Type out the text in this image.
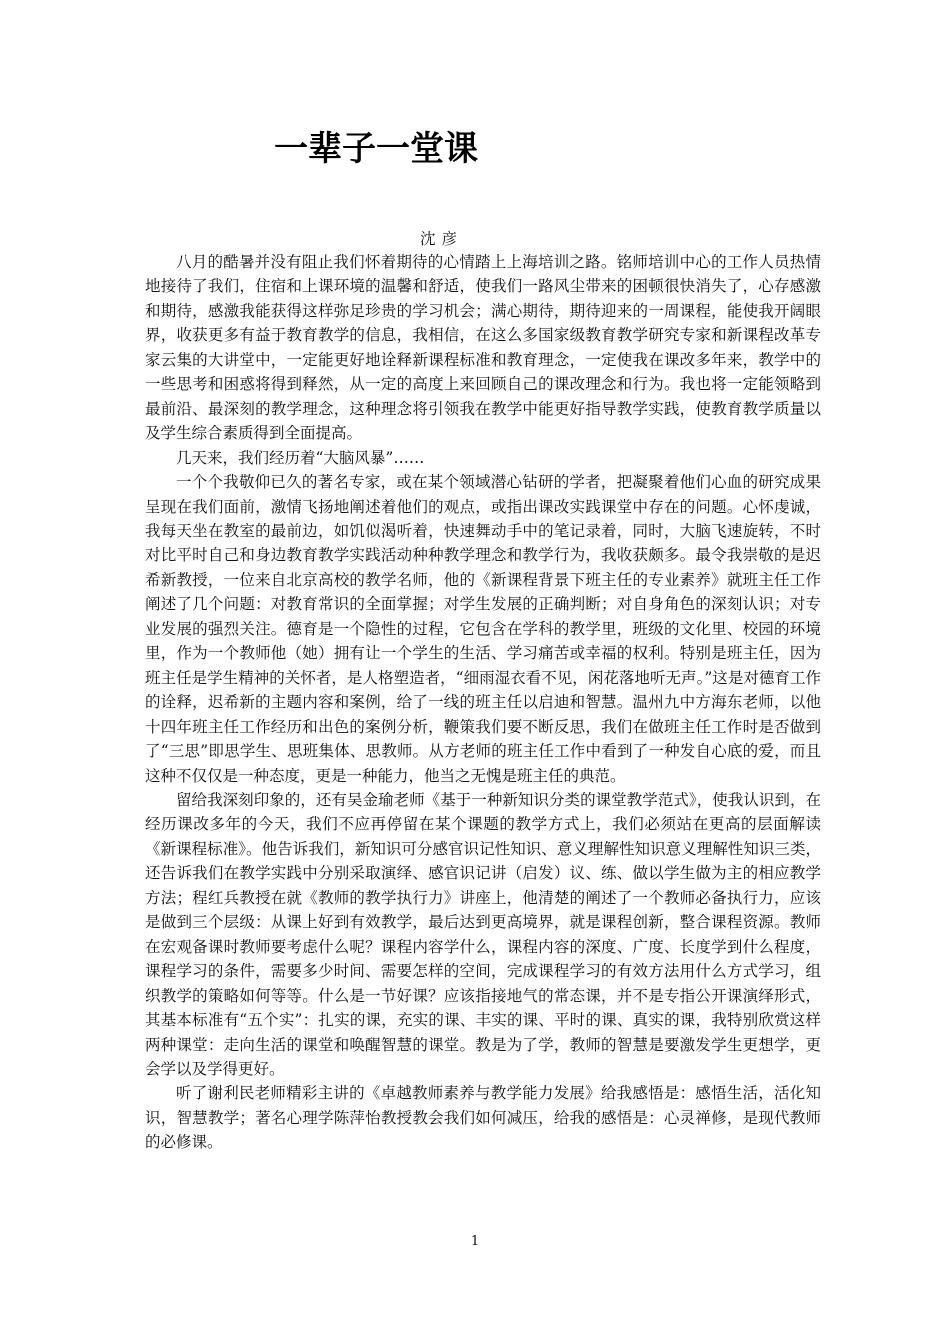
一辈子一堂课

沈彦

八月的酷暑并没有阻止我们怀着期待的心情踏上上海培训之路。铭师培训中心的工作人员热情地接待了我们，住宿和上课环境的温馨和舒适，使我们一路风尘带来的困顿很快消失了，心存感激和期待，感激我能获得这样弥足珍贵的学习机会；满心期待，期待迎来的一周课程，能使我开阔眼界，收获更多有益于教育教学的信息，我相信，在这么多国家级教育教学研究专家和新课程改革专家云集的大讲堂中，一定能更好地诠释新课程标准和教育理念，一定使我在课改多年来，教学中的一些思考和困惑将得到释然，从一定的高度上来回顾自己的课改理念和行为。我也将一定能领略到最前沿、最深刻的教学理念，这种理念将引领我在教学中能更好指导教学实践，使教育教学质量以及学生综合素质得到全面提高。

几天来，我们经历着“大脑风暴”……

一个个我敬仰已久的著名专家，或在某个领域潜心钻研的学者，把凝聚着他们心血的研究成果呈现在我们面前，激情飞扬地阐述着他们的观点，或指出课改实践课堂中存在的问题。心怀虔诚，我每天坐在教室的最前边，如饥似渴听着，快速舞动手中的笔记录着，同时，大脑飞速旋转，不时对比平时自己和身边教育教学实践活动种种教学理念和教学行为，我收获颇多。最令我崇敬的是迟希新教授，一位来自北京高校的教学名师，他的《新课程背景下班主任的专业素养》就班主任工作阐述了几个问题：对教育常识的全面掌握；对学生发展的正确判断；对自身角色的深刻认识；对专业发展的强烈关注。德育是一个隐性的过程，它包含在学科的教学里，班级的文化里、校园的环境里，作为一个教师他（她）拥有让一个学生的生活、学习痛苦或幸福的权利。特别是班主任，因为班主任是学生精神的关怀者，是人格塑造者，“细雨湿衣看不见，闲花落地听无声。”这是对德育工作的诠释，迟希新的主题内容和案例，给了一线的班主任以启迪和智慧。温州九中方海东老师，以他十四年班主任工作经历和出色的案例分析，鞭策我们要不断反思，我们在做班主任工作时是否做到了“三思”即思学生、思班集体、思教师。从方老师的班主任工作中看到了一种发自心底的爱，而且这种不仅仅是一种态度，更是一种能力，他当之无愧是班主任的典范。

留给我深刻印象的，还有吴金瑜老师《基于一种新知识分类的课堂教学范式》，使我认识到，在经历课改多年的今天，我们不应再停留在某个课题的教学方式上，我们必须站在更高的层面解读《新课程标准》。他告诉我们，新知识可分感官识记性知识、意义理解性知识意义理解性知识三类，还告诉我们在教学实践中分别采取演绎、感官识记讲（启发）议、练、做以学生做为主的相应教学方法；程红兵教授在就《教师的教学执行力》讲座上，他清楚的阐述了一个教师必备执行力，应该是做到三个层级：从课上好到有效教学，最后达到更高境界，就是课程创新，整合课程资源。教师在宏观备课时教师要考虑什么呢？课程内容学什么，课程内容的深度、广度、长度学到什么程度，课程学习的条件，需要多少时间、需要怎样的空间，完成课程学习的有效方法用什么方式学习，组织教学的策略如何等等。什么是一节好课？应该指接地气的常态课，并不是专指公开课演绎形式，其基本标准有“五个实”：扎实的课，充实的课、丰实的课、平时的课、真实的课，我特别欣赏这样两种课堂：走向生活的课堂和唤醒智慧的课堂。教是为了学，教师的智慧是要激发学生更想学，更会学以及学得更好。

听了谢利民老师精彩主讲的《卓越教师素养与教学能力发展》给我感悟是：感悟生活，活化知识，智慧教学；著名心理学陈萍怡教授教会我们如何减压，给我的感悟是：心灵禅修，是现代教师的必修课。

1
